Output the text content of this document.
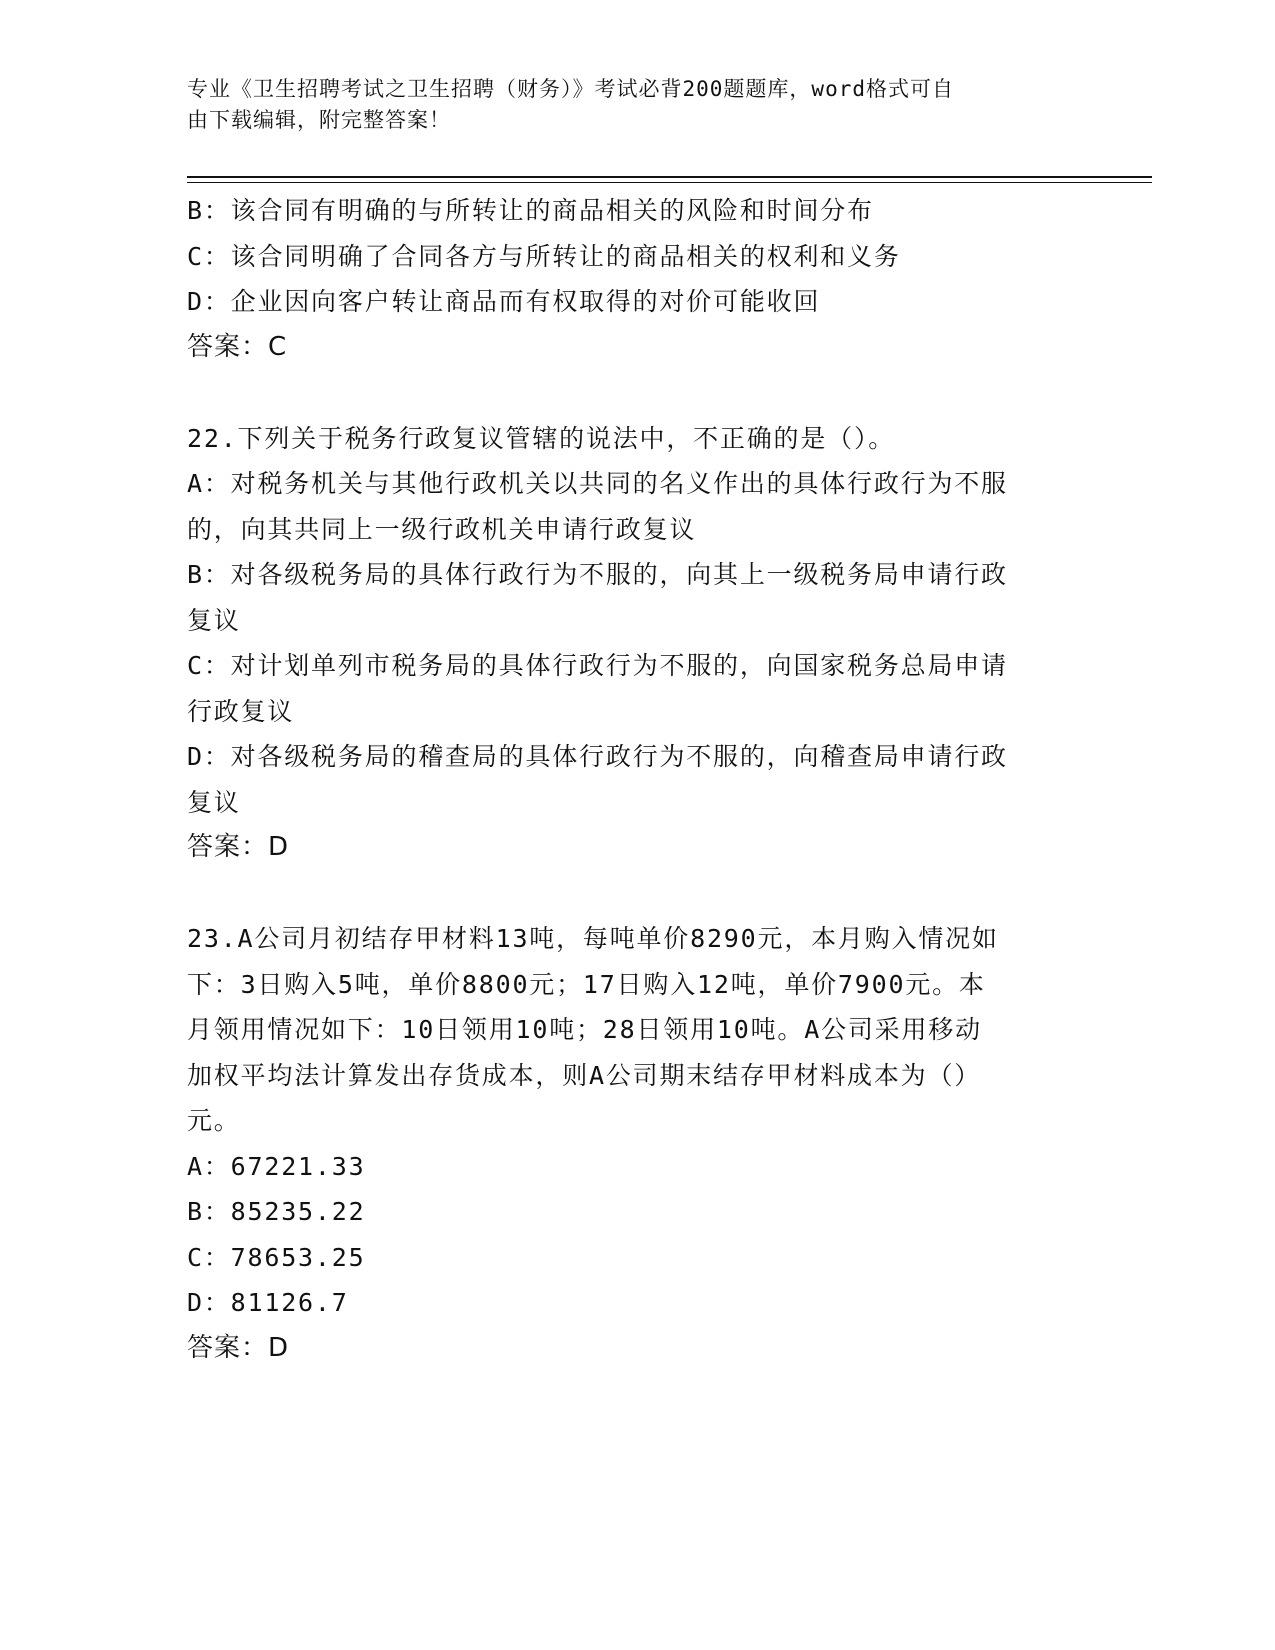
专业《卫生招聘考试之卫生招聘（财务）》考试必背200题题库，word格式可自
由下载编辑，附完整答案！

B：该合同有明确的与所转让的商品相关的风险和时间分布

C：该合同明确了合同各方与所转让的商品相关的权利和义务

D：企业因向客户转让商品而有权取得的对价可能收回

答案：C

22.下列关于税务行政复议管辖的说法中，不正确的是（）。

A：对税务机关与其他行政机关以共同的名义作出的具体行政行为不服

的，向其共同上一级行政机关申请行政复议

B：对各级税务局的具体行政行为不服的，向其上一级税务局申请行政

复议

C：对计划单列市税务局的具体行政行为不服的，向国家税务总局申请

行政复议

D：对各级税务局的稽查局的具体行政行为不服的，向稽查局申请行政

复议

答案：D

23.A公司月初结存甲材料13吨，每吨单价8290元，本月购入情况如

下：3日购入5吨，单价8800元；17日购入12吨，单价7900元。本

月领用情况如下：10日领用10吨；28日领用10吨。A公司采用移动

加权平均法计算发出存货成本，则A公司期末结存甲材料成本为（）

元。

A：67221.33

B：85235.22

C：78653.25

D：81126.7

答案：D
